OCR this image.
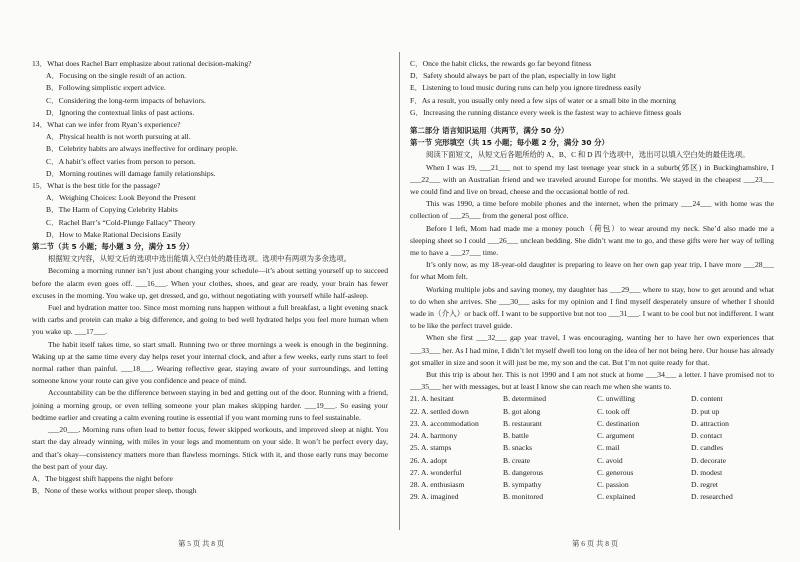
13．What does Rachel Barr emphasize about rational decision-making?
A．Focusing on the single result of an action.
B．Following simplistic expert advice.
C．Considering the long-term impacts of behaviors.
D．Ignoring the contextual links of past actions.
14．What can we infer from Ryan’s experience?
A．Physical health is not worth pursuing at all.
B．Celebrity habits are always ineffective for ordinary people.
C．A habit’s effect varies from person to person.
D．Morning routines will damage family relationships.
15．What is the best title for the passage?
A．Weighing Choices: Look Beyond the Present
B．The Harm of Copying Celebrity Habits
C．Rachel Barr’s “Cold-Plunge Fallacy” Theory
D．How to Make Rational Decisions Easily
第二节（共 5 小题；每小题 3 分，满分 15 分）
根据短文内容，从短文后的选项中选出能填入空白处的最佳选项。选项中有两项为多余选项。
Becoming a morning runner isn’t just about changing your schedule—it’s about setting yourself up to succeed before the alarm even goes off. ___16___. When your clothes, shoes, and gear are ready, your brain has fewer excuses in the morning. You wake up, get dressed, and go, without negotiating with yourself while half-asleep.
Fuel and hydration matter too. Since most morning runs happen without a full breakfast, a light evening snack with carbs and protein can make a big difference, and going to bed well hydrated helps you feel more human when you wake up. ___17___.
The habit itself takes time, so start small. Running two or three mornings a week is enough in the beginning. Waking up at the same time every day helps reset your internal clock, and after a few weeks, early runs start to feel normal rather than painful. ___18___. Wearing reflective gear, staying aware of your surroundings, and letting someone know your route can give you confidence and peace of mind.
Accountability can be the difference between staying in bed and getting out of the door. Running with a friend, joining a morning group, or even telling someone your plan makes skipping harder. ___19___. So easing your bedtime earlier and creating a calm evening routine is essential if you want morning runs to feel sustainable.
___20___. Morning runs often lead to better focus, fewer skipped workouts, and improved sleep at night. You start the day already winning, with miles in your legs and momentum on your side. It won’t be perfect every day, and that’s okay—consistency matters more than flawless mornings. Stick with it, and those early runs may become the best part of your day.
A．The biggest shift happens the night before
B．None of these works without proper sleep, though
C．Once the habit clicks, the rewards go far beyond fitness
D．Safety should always be part of the plan, especially in low light
E．Listening to loud music during runs can help you ignore tiredness easily
F．As a result, you usually only need a few sips of water or a small bite in the morning
G．Increasing the running distance every week is the fastest way to achieve fitness goals
第二部分 语言知识运用（共两节，满分 50 分）
第一节 完形填空（共 15 小题；每小题 2 分，满分 30 分）
阅读下面短文，从短文后各题所给的 A、B、C 和 D 四个选项中，选出可以填入空白处的最佳选项。
When I was 19, ___21___ not to spend my last teenage year stuck in a suburb(郊区) in Buckinghamshire, I ___22___ with an Australian friend and we traveled around Europe for months. We stayed in the cheapest ___23___ we could find and live on bread, cheese and the occasional bottle of red.
This was 1990, a time before mobile phones and the internet, when the primary ___24___ with home was the collection of ___25___ from the general post office.
Before I left, Mom had made me a money pouch（荷包）to wear around my neck. She’d also made me a sleeping sheet so I could ___26___ unclean bedding. She didn’t want me to go, and these gifts were her way of telling me to have a ___27___ time.
It’s only now, as my 18-year-old daughter is preparing to leave on her own gap year trip, I have more ___28___ for what Mom felt.
Working multiple jobs and saving money, my daughter has ___29___ where to stay, how to get around and what to do when she arrives. She ___30___ asks for my opinion and I find myself desperately unsure of whether I should wade in（介入）or back off. I want to be supportive but not too ___31___. I want to be cool but not indifferent. I want to be like the perfect travel guide.
When she first ___32___ gap year travel, I was encouraging, wanting her to have her own experiences that ___33___ her. As I had mine, I didn’t let myself dwell too long on the idea of her not being here. Our house has already got smaller in size and soon it will just be me, my son and the cat. But I’m not quite ready for that.
But this trip is about her. This is not 1990 and I am not stuck at home ___34___ a letter. I have promised not to ___35___ her with messages, but at least I know she can reach me when she wants to.
21. A. hesitant	B. determined	C. unwilling	D. content
22. A. settled down	B. got along	C. took off	D. put up
23. A. accommodation	B. restaurant	C. destination	D. attraction
24. A. harmony	B. battle	C. argument	D. contact
25. A. stamps	B. snacks	C. mail	D. candles
26. A. adopt	B. create	C. avoid	D. decorate
27. A. wonderful	B. dangerous	C. generous	D. modest
28. A. enthusiasm	B. sympathy	C. passion	D. regret
29. A. imagined	B. monitored	C. explained	D. researched
第 5 页 共 8 页	第 6 页 共 8 页
